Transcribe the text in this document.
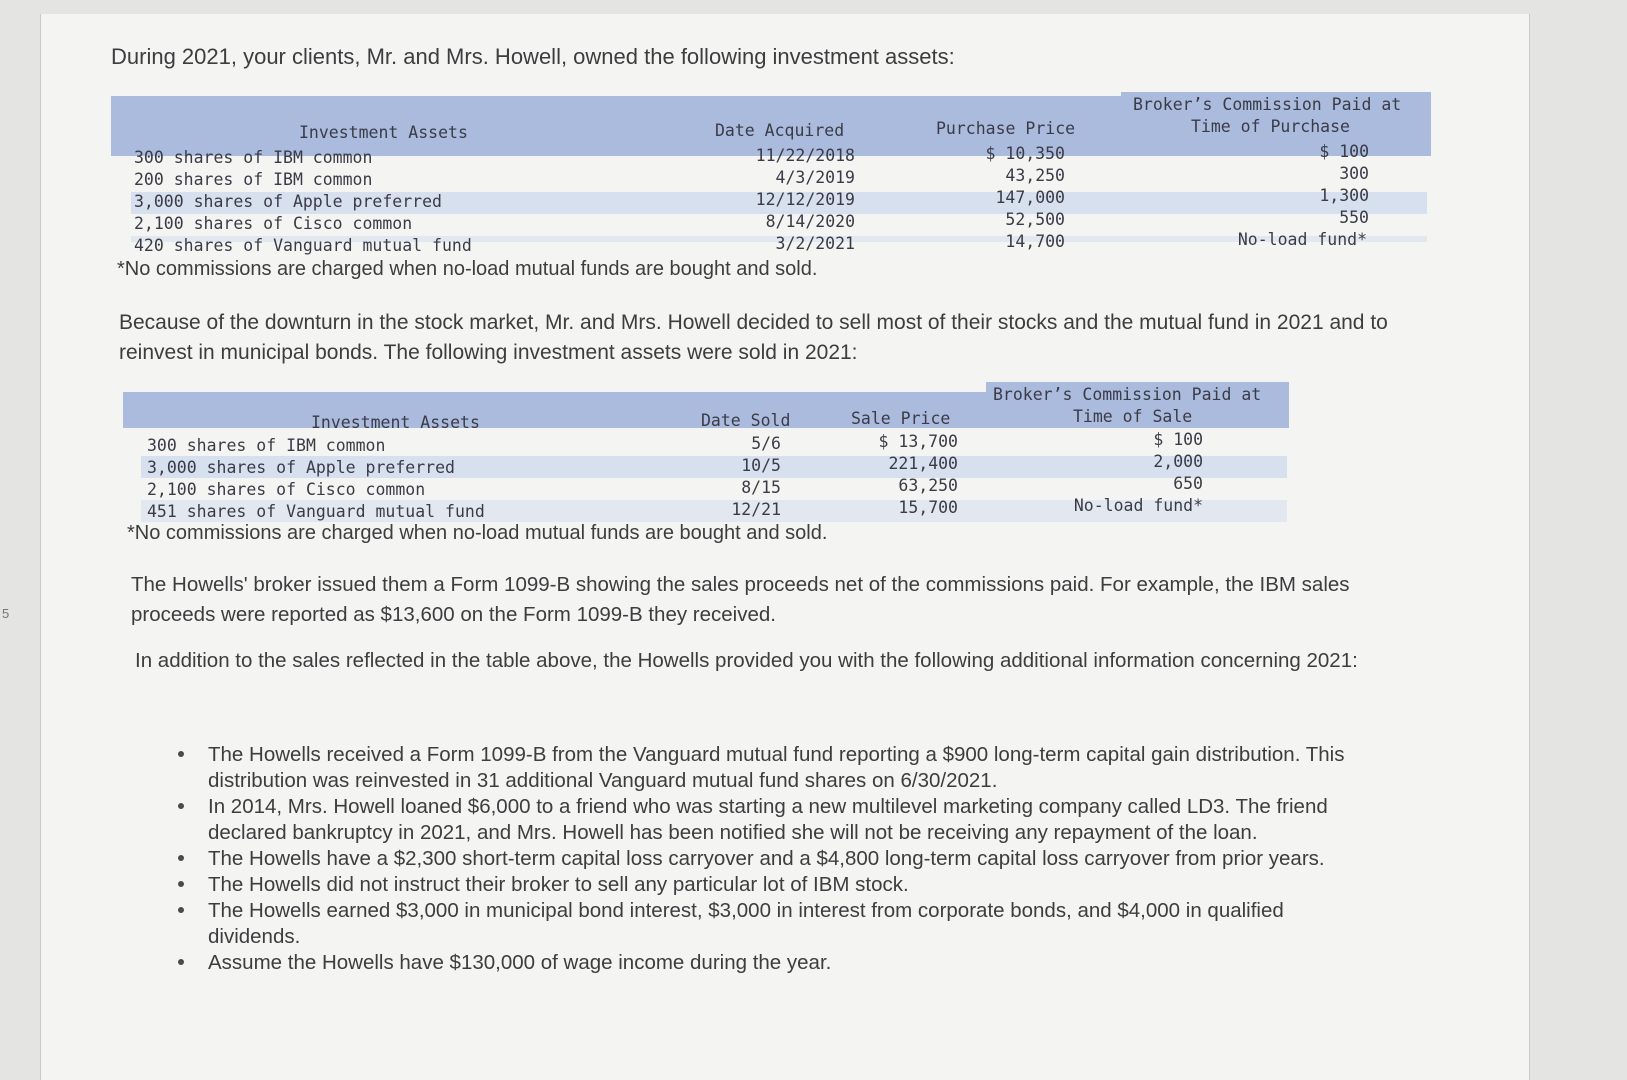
5
During 2021, your clients, Mr. and Mrs. Howell, owned the following investment assets:
Investment Assets	Date Acquired	Purchase Price
Broker’s Commission Paid at
Time of Purchase
300 shares of IBM common	11/22/2018	$ 10,350	$ 100
200 shares of IBM common	4/3/2019	43,250	300
3,000 shares of Apple preferred	12/12/2019	147,000	1,300
2,100 shares of Cisco common	8/14/2020	52,500	550
420 shares of Vanguard mutual fund	3/2/2021	14,700	No-load fund*
*No commissions are charged when no-load mutual funds are bought and sold.
Because of the downturn in the stock market, Mr. and Mrs. Howell decided to sell most of their stocks and the mutual fund in 2021 and to reinvest in municipal bonds. The following investment assets were sold in 2021:
Investment Assets	Date Sold	Sale Price
Broker’s Commission Paid at
Time of Sale
300 shares of IBM common	5/6	$ 13,700	$ 100
3,000 shares of Apple preferred	10/5	221,400	2,000
2,100 shares of Cisco common	8/15	63,250	650
451 shares of Vanguard mutual fund	12/21	15,700	No-load fund*
*No commissions are charged when no-load mutual funds are bought and sold.
The Howells' broker issued them a Form 1099-B showing the sales proceeds net of the commissions paid. For example, the IBM sales proceeds were reported as $13,600 on the Form 1099-B they received.
In addition to the sales reflected in the table above, the Howells provided you with the following additional information concerning 2021:
The Howells received a Form 1099-B from the Vanguard mutual fund reporting a $900 long-term capital gain distribution. This distribution was reinvested in 31 additional Vanguard mutual fund shares on 6/30/2021.
In 2014, Mrs. Howell loaned $6,000 to a friend who was starting a new multilevel marketing company called LD3. The friend declared bankruptcy in 2021, and Mrs. Howell has been notified she will not be receiving any repayment of the loan.
The Howells have a $2,300 short-term capital loss carryover and a $4,800 long-term capital loss carryover from prior years.
The Howells did not instruct their broker to sell any particular lot of IBM stock.
The Howells earned $3,000 in municipal bond interest, $3,000 in interest from corporate bonds, and $4,000 in qualified dividends.
Assume the Howells have $130,000 of wage income during the year.
